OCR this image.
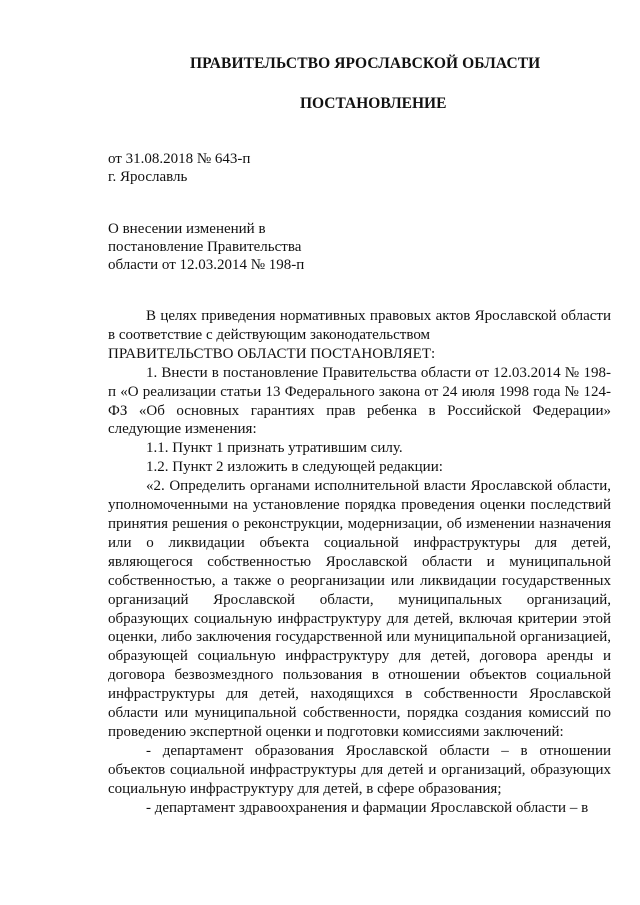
ПРАВИТЕЛЬСТВО ЯРОСЛАВСКОЙ ОБЛАСТИ
ПОСТАНОВЛЕНИЕ
от 31.08.2018 № 643-п
г. Ярославль
О внесении изменений в
постановление Правительства
области от 12.03.2014 № 198-п

В целях приведения нормативных правовых актов Ярославской области в соответствие с действующим законодательством

ПРАВИТЕЛЬСТВО ОБЛАСТИ ПОСТАНОВЛЯЕТ:

1. Внести в постановление Правительства области от 12.03.2014 № 198-п «О реализации статьи 13 Федерального закона от 24 июля 1998 года № 124-ФЗ «Об основных гарантиях прав ребенка в Российской Федерации» следующие изменения:

1.1. Пункт 1 признать утратившим силу.

1.2. Пункт 2 изложить в следующей редакции:

«2. Определить органами исполнительной власти Ярославской области, уполномоченными на установление порядка проведения оценки последствий принятия решения о реконструкции, модернизации, об изменении назначения или о ликвидации объекта социальной инфраструктуры для детей, являющегося собственностью Ярославской области и муниципальной собственностью, а также о реорганизации или ликвидации государственных организаций Ярославской области, муниципальных организаций, образующих социальную инфраструктуру для детей, включая критерии этой оценки, либо заключения государственной или муниципальной организацией, образующей социальную инфраструктуру для детей, договора аренды и договора безвозмездного пользования в отношении объектов социальной инфраструктуры для детей, находящихся в собственности Ярославской области или муниципальной собственности, порядка создания комиссий по проведению экспертной оценки и подготовки комиссиями заключений:

- департамент образования Ярославской области – в отношении объектов социальной инфраструктуры для детей и организаций, образующих социальную инфраструктуру для детей, в сфере образования;

- департамент здравоохранения и фармации Ярославской области – в
